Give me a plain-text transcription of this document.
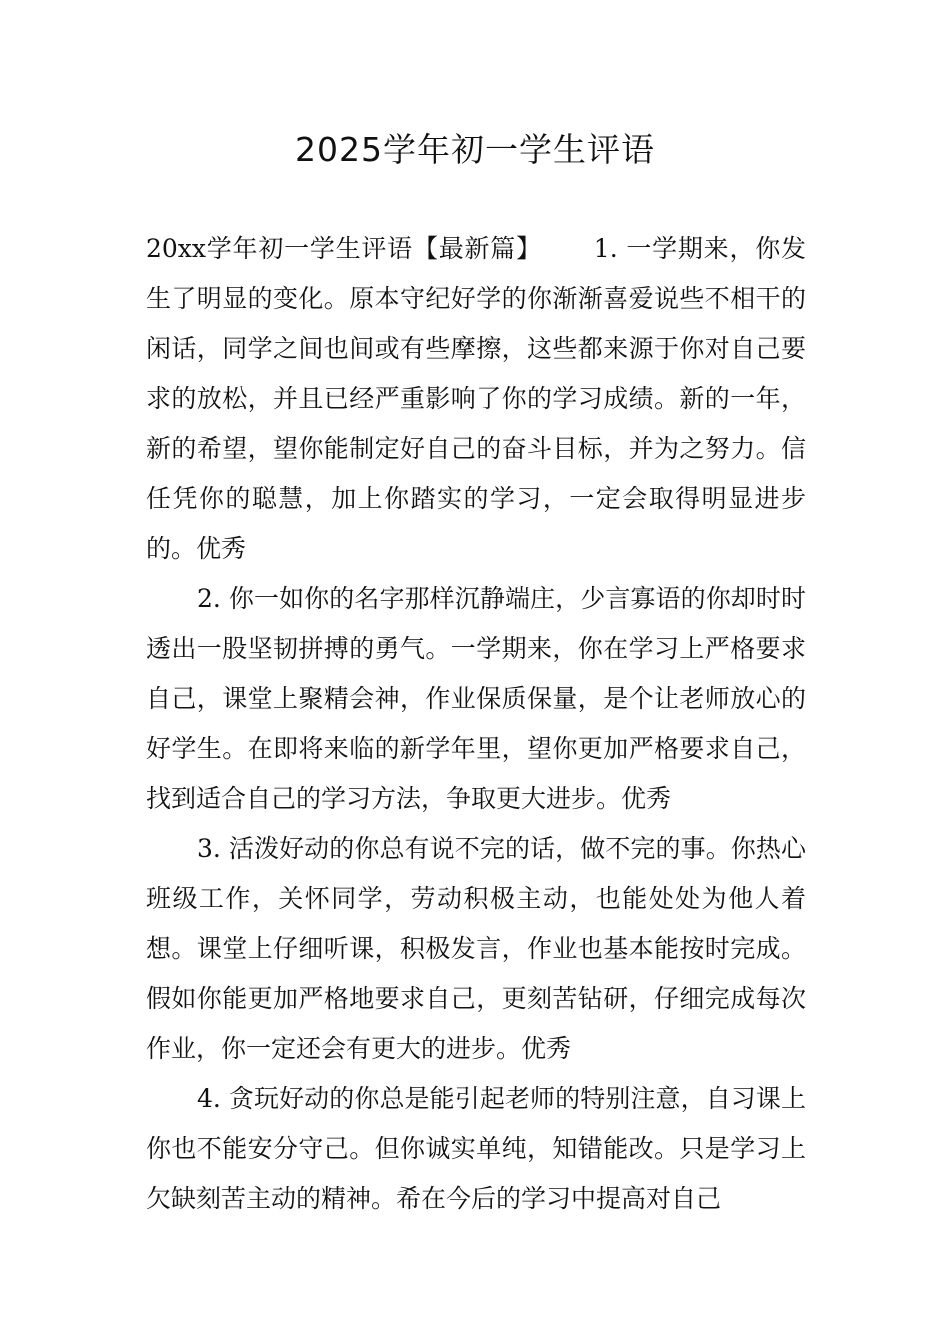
2025学年初一学生评语

20xx学年初一学生评语【最新篇】 1. 一学期来，你发生了明显的变化。原本守纪好学的你渐渐喜爱说些不相干的闲话，同学之间也间或有些摩擦，这些都来源于你对自己要求的放松，并且已经严重影响了你的学习成绩。新的一年，新的希望，望你能制定好自己的奋斗目标，并为之努力。信任凭你的聪慧，加上你踏实的学习，一定会取得明显进步的。优秀

2. 你一如你的名字那样沉静端庄，少言寡语的你却时时透出一股坚韧拼搏的勇气。一学期来，你在学习上严格要求自己，课堂上聚精会神，作业保质保量，是个让老师放心的好学生。在即将来临的新学年里，望你更加严格要求自己，找到适合自己的学习方法，争取更大进步。优秀

3. 活泼好动的你总有说不完的话，做不完的事。你热心班级工作，关怀同学，劳动积极主动，也能处处为他人着想。课堂上仔细听课，积极发言，作业也基本能按时完成。假如你能更加严格地要求自己，更刻苦钻研，仔细完成每次作业，你一定还会有更大的进步。优秀

4. 贪玩好动的你总是能引起老师的特别注意，自习课上你也不能安分守己。但你诚实单纯，知错能改。只是学习上欠缺刻苦主动的精神。希在今后的学习中提高对自己
